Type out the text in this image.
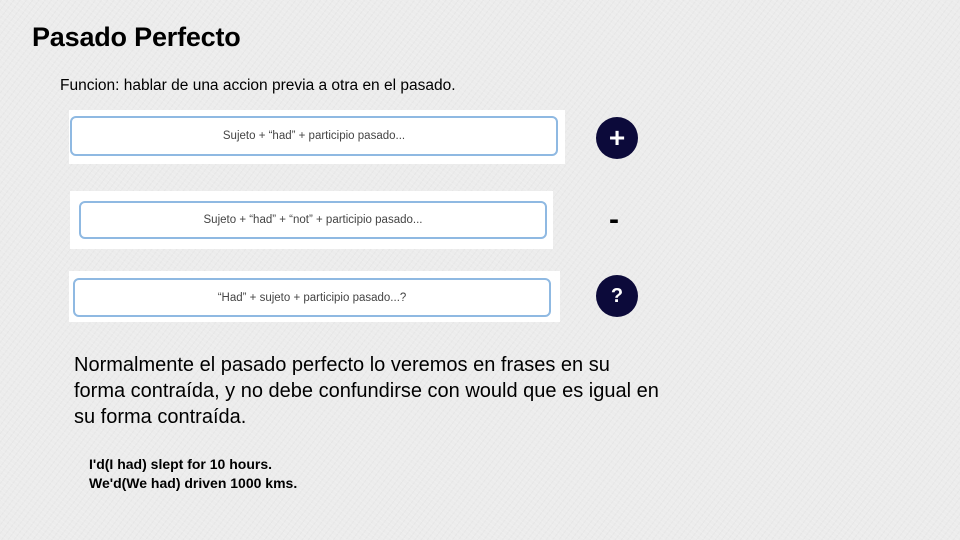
Pasado Perfecto
Funcion: hablar de una accion previa a otra en el pasado.
Sujeto + “had” + participio pasado...	+
Sujeto + “had” + “not” + participio pasado...	-
“Had” + sujeto + participio pasado...?	?
Normalmente el pasado perfecto lo veremos en frases en su forma contraída, y no debe confundirse con would que es igual en su forma contraída.
I'd(I had) slept for 10 hours.
We'd(We had) driven 1000 kms.
